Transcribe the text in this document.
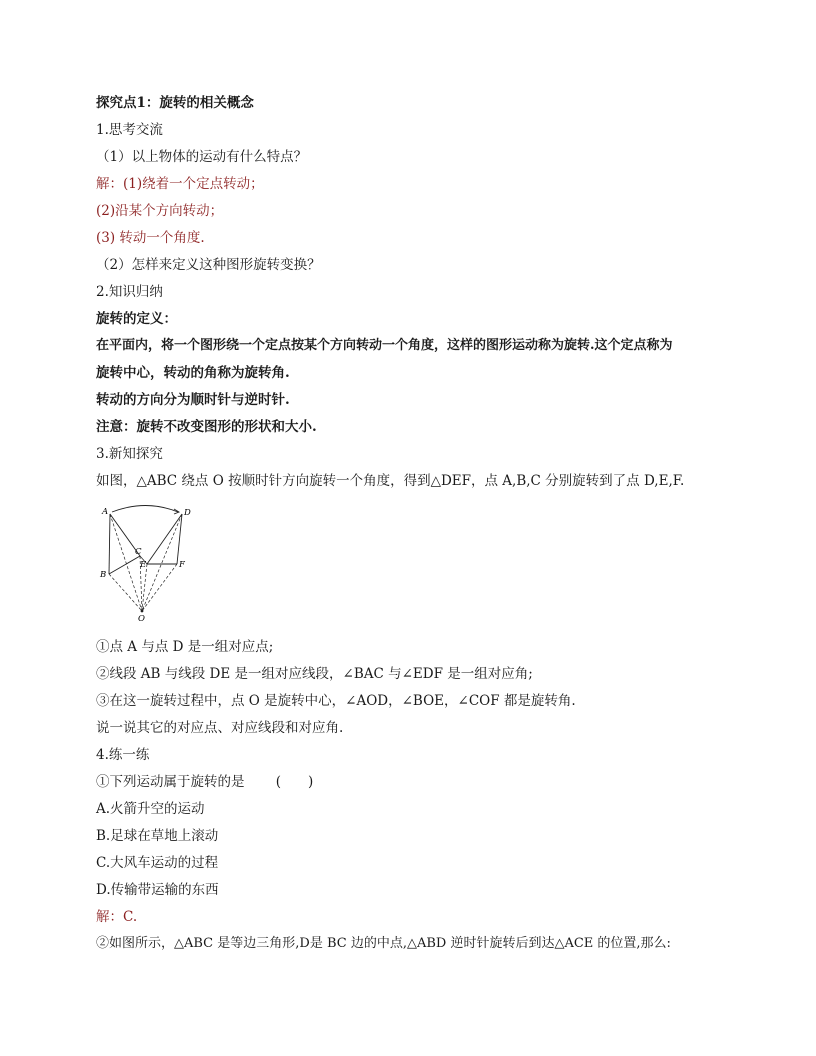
探究点1：旋转的相关概念
1.思考交流
（1）以上物体的运动有什么特点？
解：(1)绕着一个定点转动；
(2)沿某个方向转动；
(3) 转动一个角度.
（2）怎样来定义这种图形旋转变换？
2.知识归纳
旋转的定义：
在平面内，将一个图形绕一个定点按某个方向转动一个角度，这样的图形运动称为旋转.这个定点称为
旋转中心，转动的角称为旋转角.
转动的方向分为顺时针与逆时针.
注意：旋转不改变图形的形状和大小.
3.新知探究
如图，△ABC 绕点 O 按顺时针方向旋转一个角度，得到△DEF，点 A,B,C 分别旋转到了点 D,E,F.
A	D
C
B
E	F
O
①点 A 与点 D 是一组对应点;
②线段 AB 与线段 DE 是一组对应线段，∠BAC 与∠EDF 是一组对应角;
③在这一旋转过程中，点 O 是旋转中心，∠AOD，∠BOE，∠COF 都是旋转角.
说一说其它的对应点、对应线段和对应角.
4.练一练
①下列运动属于旋转的是　　 (　　)
A.火箭升空的运动
B.足球在草地上滚动
C.大风车运动的过程
D.传输带运输的东西
解：C.
②如图所示，△ABC 是等边三角形,D是 BC 边的中点,△ABD 逆时针旋转后到达△ACE 的位置,那么:
